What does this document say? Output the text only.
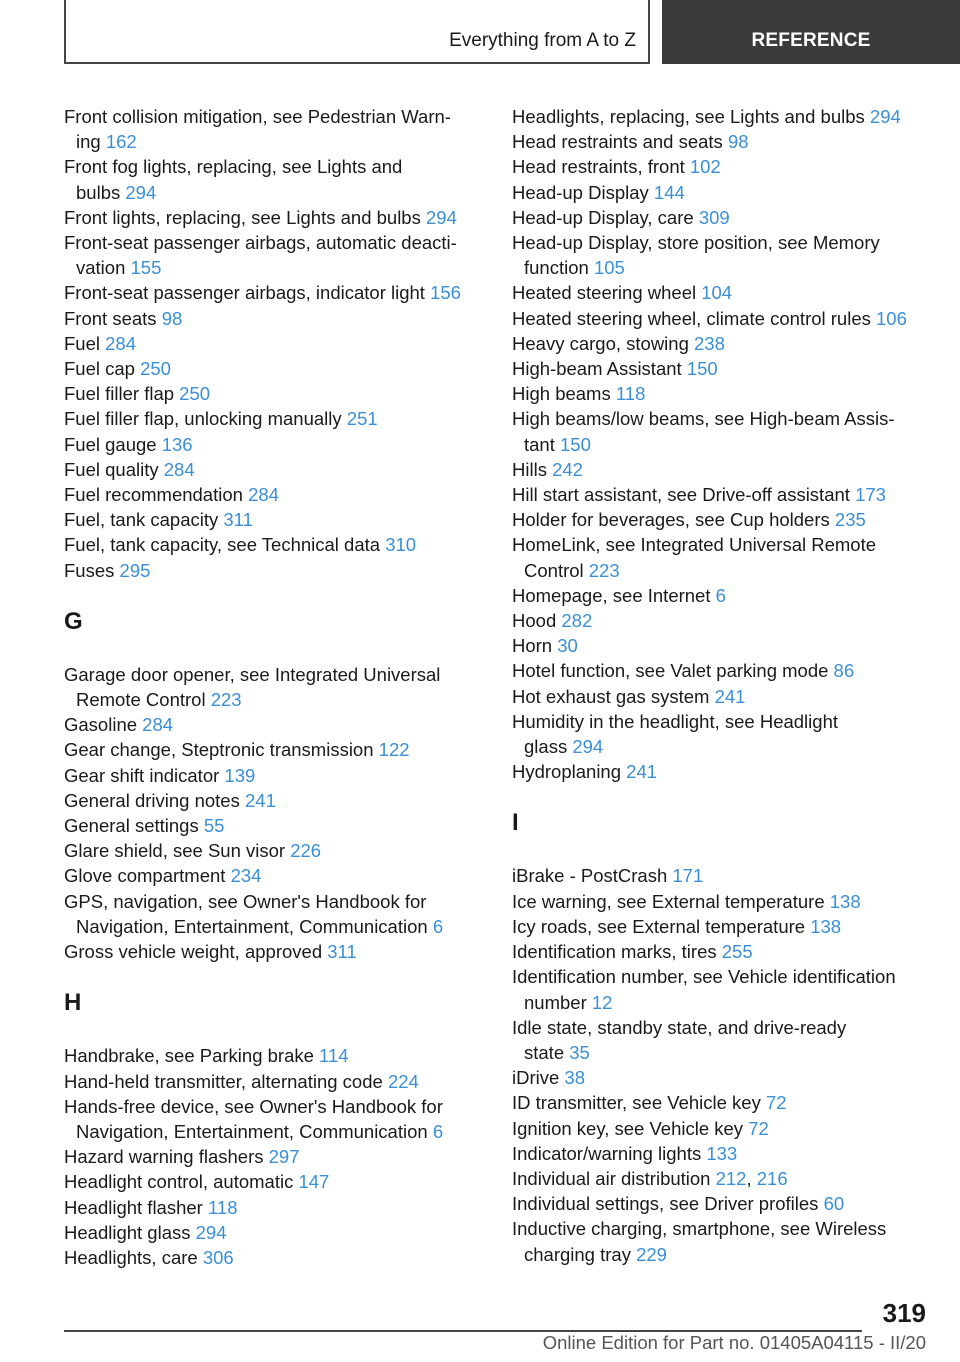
Everything from A to Z	REFERENCE
Front collision mitigation, see Pedestrian Warn-
ing 162
Front fog lights, replacing, see Lights and
bulbs 294
Front lights, replacing, see Lights and bulbs 294
Front-seat passenger airbags, automatic deacti-
vation 155
Front-seat passenger airbags, indicator light 156
Front seats 98
Fuel 284
Fuel cap 250
Fuel filler flap 250
Fuel filler flap, unlocking manually 251
Fuel gauge 136
Fuel quality 284
Fuel recommendation 284
Fuel, tank capacity 311
Fuel, tank capacity, see Technical data 310
Fuses 295
G
Garage door opener, see Integrated Universal
Remote Control 223
Gasoline 284
Gear change, Steptronic transmission 122
Gear shift indicator 139
General driving notes 241
General settings 55
Glare shield, see Sun visor 226
Glove compartment 234
GPS, navigation, see Owner's Handbook for
Navigation, Entertainment, Communication 6
Gross vehicle weight, approved 311
H
Handbrake, see Parking brake 114
Hand-held transmitter, alternating code 224
Hands-free device, see Owner's Handbook for
Navigation, Entertainment, Communication 6
Hazard warning flashers 297
Headlight control, automatic 147
Headlight flasher 118
Headlight glass 294
Headlights, care 306
Headlights, replacing, see Lights and bulbs 294
Head restraints and seats 98
Head restraints, front 102
Head-up Display 144
Head-up Display, care 309
Head-up Display, store position, see Memory
function 105
Heated steering wheel 104
Heated steering wheel, climate control rules 106
Heavy cargo, stowing 238
High-beam Assistant 150
High beams 118
High beams/low beams, see High-beam Assis-
tant 150
Hills 242
Hill start assistant, see Drive-off assistant 173
Holder for beverages, see Cup holders 235
HomeLink, see Integrated Universal Remote
Control 223
Homepage, see Internet 6
Hood 282
Horn 30
Hotel function, see Valet parking mode 86
Hot exhaust gas system 241
Humidity in the headlight, see Headlight
glass 294
Hydroplaning 241
I
iBrake - PostCrash 171
Ice warning, see External temperature 138
Icy roads, see External temperature 138
Identification marks, tires 255
Identification number, see Vehicle identification
number 12
Idle state, standby state, and drive-ready
state 35
iDrive 38
ID transmitter, see Vehicle key 72
Ignition key, see Vehicle key 72
Indicator/warning lights 133
Individual air distribution 212, 216
Individual settings, see Driver profiles 60
Inductive charging, smartphone, see Wireless
charging tray 229
319
Online Edition for Part no. 01405A04115 - II/20
